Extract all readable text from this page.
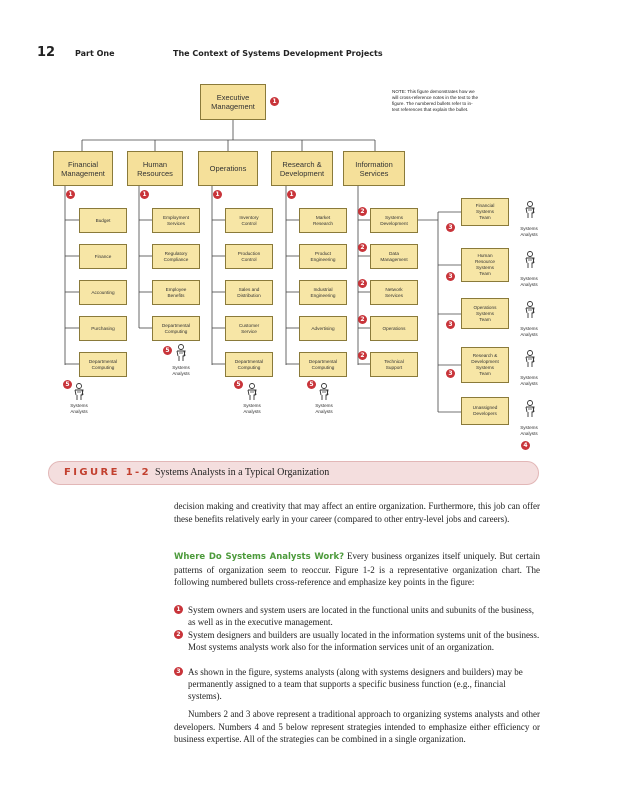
12 Part One	The Context of Systems Development Projects
NOTE: This figure demonstrates how we
will cross-reference notes in the text to the
figure. The numbered bullets refer to in-
text references that explain the bullet.
Executive
Management
1
Financial
Management
Human
Resources	Operations	Research &
Development
Information
Services
1	1	1	1
Budget
Finance
Accounting
Purchasing
Departmental
Computing
Employment
Services
Regulatory
Compliance
Employee
Benefits
Departmental
Computing
Inventory
Control
Production
Control
Sales and
Distribution
Customer
Service
Departmental
Computing
Market
Research
Product
Engineering
Industrial
Engineering
Advertising
Departmental
Computing
Systems
Development
Data
Management
Network
Services
Operations
Technical
Support
Financial
Systems
Team
Human
Resource
Systems
Team
Operations
Systems
Team
Research &
Development
Systems
Team
Unassigned
Developers
2
2
2
2
2
3
3
3
3
5
5
5	5
4
Systems
Analysts
Systems
Analysts
Systems
Analysts
Systems
Analysts
Systems
Analysts
Systems
Analysts
Systems
Analysts
Systems
Analysts
Systems
Analysts
FIGURE 1-2 Systems Analysts in a Typical Organization
decision making and creativity that may affect an entire organization. Furthermore, this job can offer these benefits relatively early in your career (compared to other entry-level jobs and careers).
Where Do Systems Analysts Work? Every business organizes itself uniquely. But certain patterns of organization seem to reoccur. Figure 1-2 is a representative organization chart. The following numbered bullets cross-reference and emphasize key points in the figure:
1 System owners and system users are located in the functional units and subunits of the business, as well as in the executive management.
2 System designers and builders are usually located in the information systems unit of the business. Most systems analysts work also for the information services unit of an organization.
3 As shown in the figure, systems analysts (along with systems designers and builders) may be permanently assigned to a team that supports a specific business function (e.g., financial systems).
Numbers 2 and 3 above represent a traditional approach to organizing systems analysts and other developers. Numbers 4 and 5 below represent strategies intended to emphasize either efficiency or business expertise. All of the strategies can be combined in a single organization.
